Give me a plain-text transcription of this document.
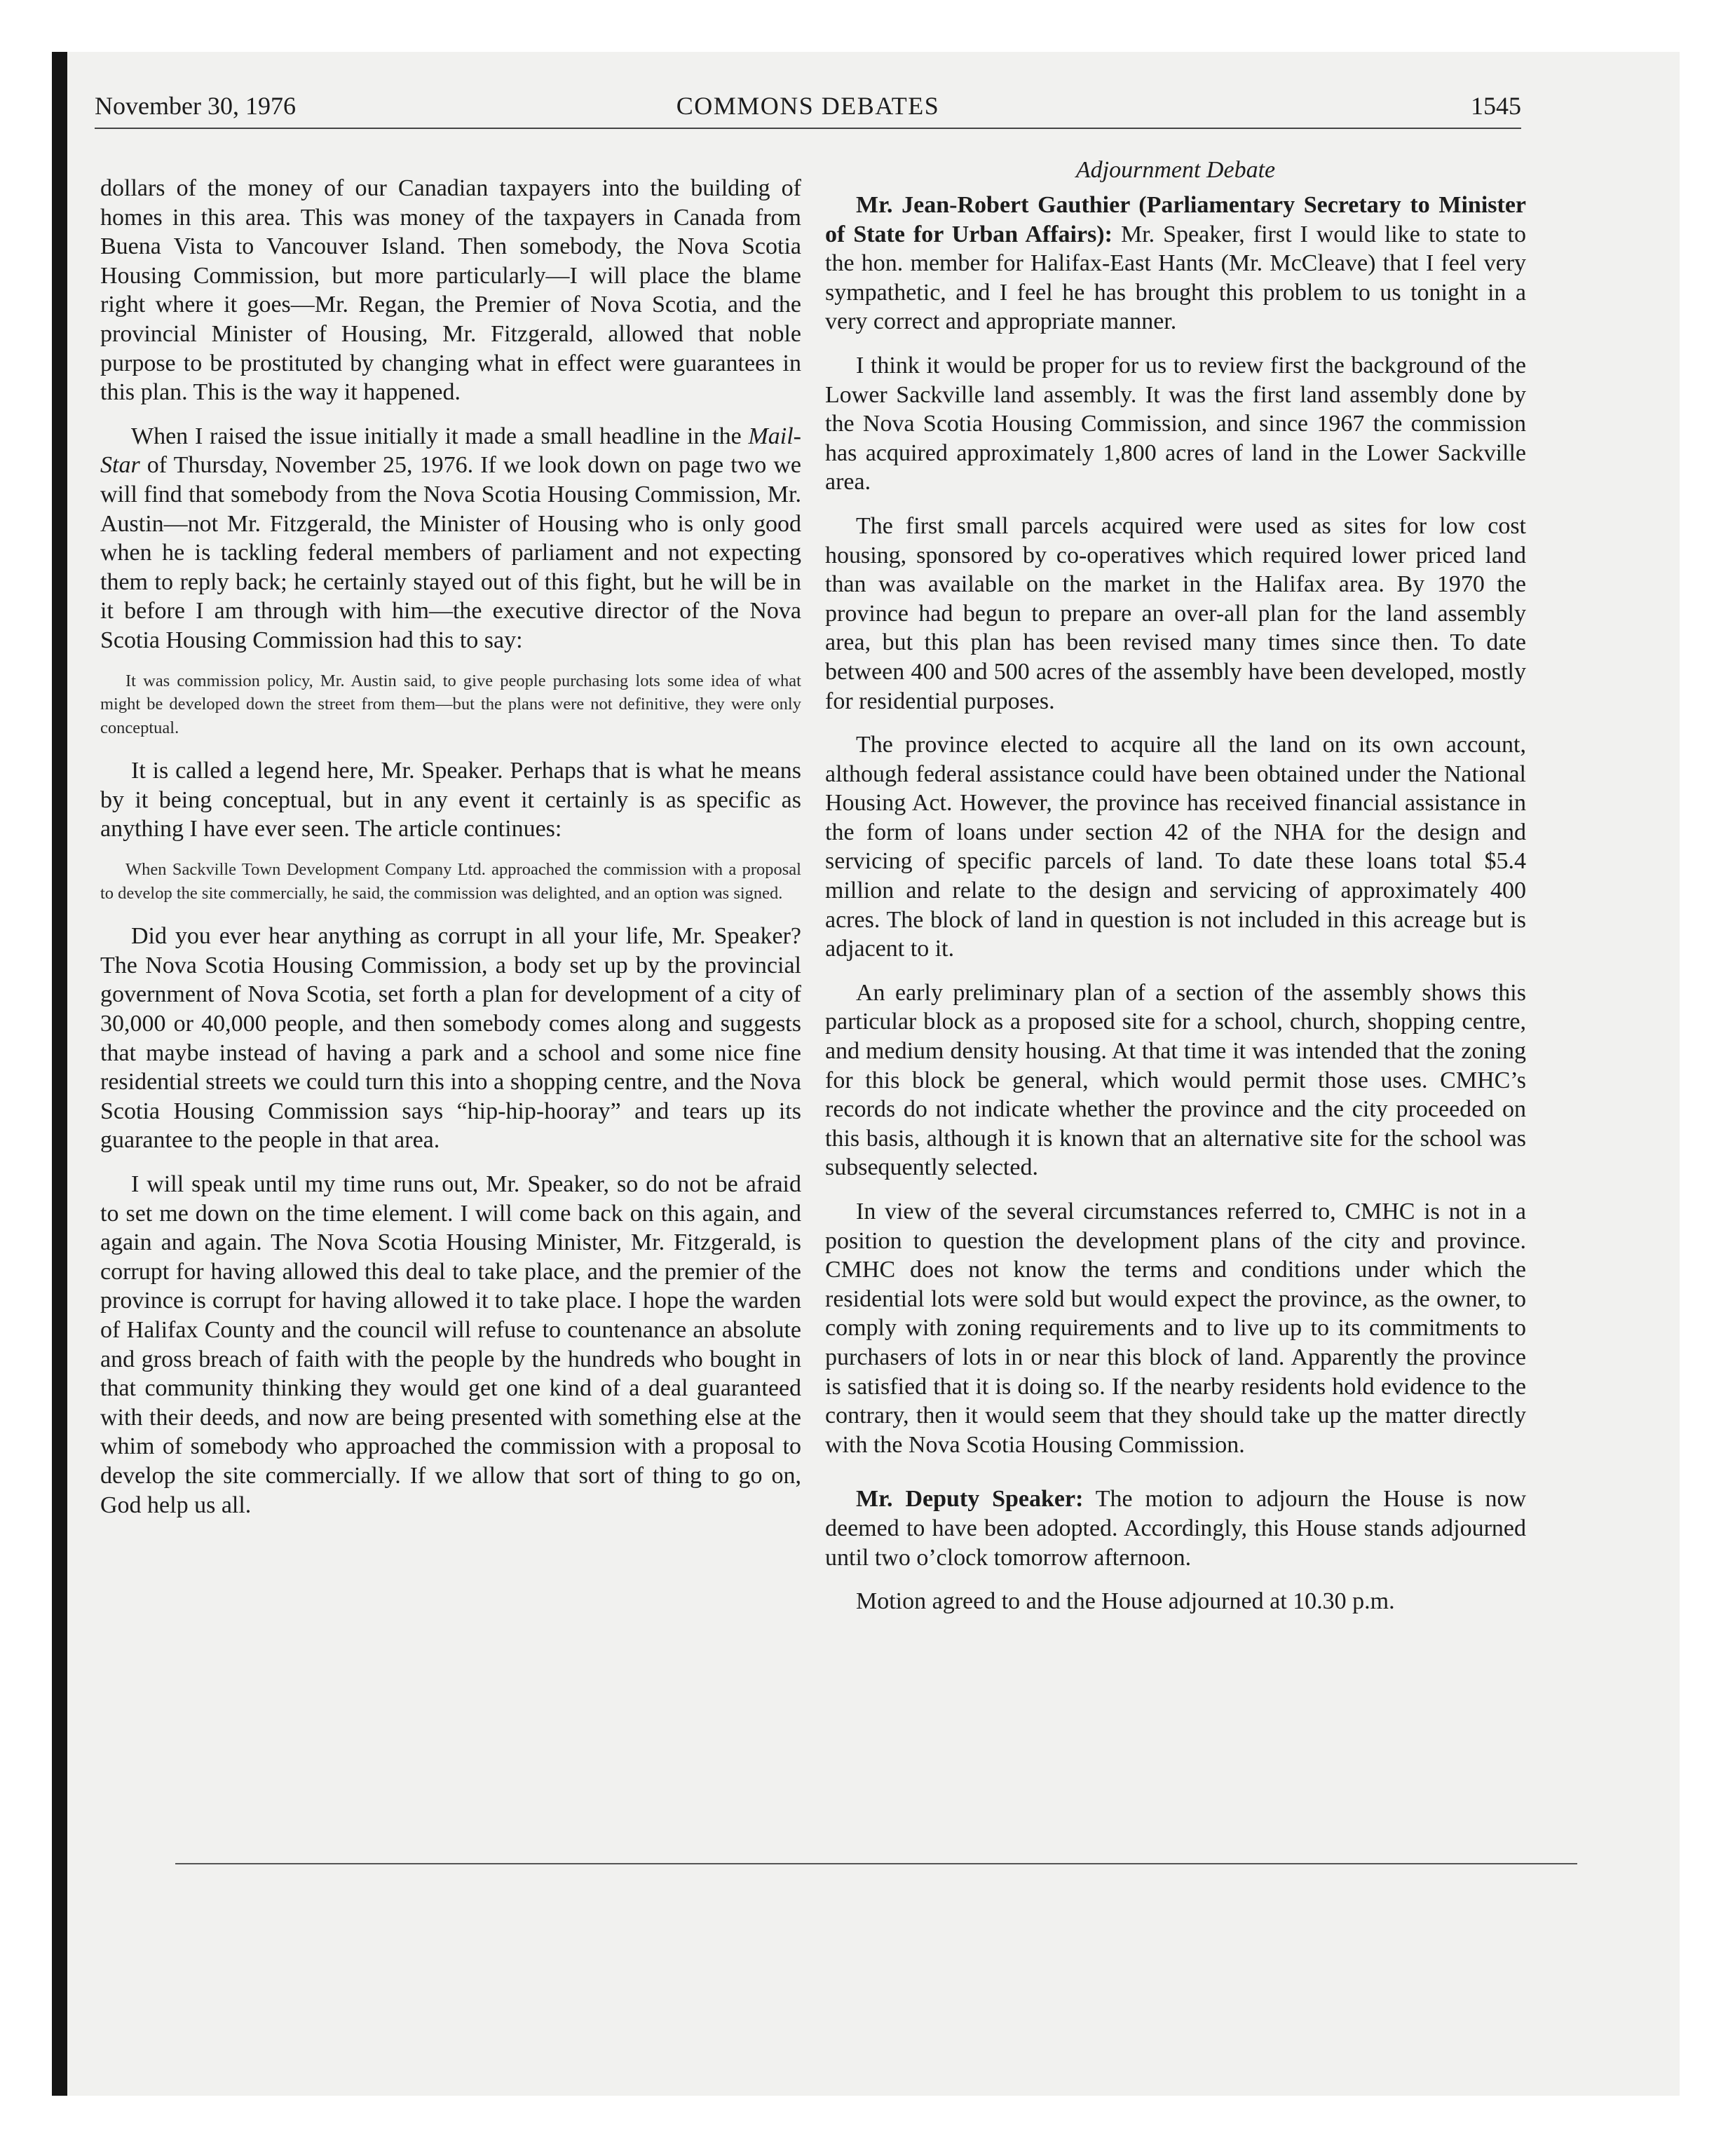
November 30, 1976	COMMONS DEBATES	1545

dollars of the money of our Canadian taxpayers into the building of homes in this area. This was money of the taxpayers in Canada from Buena Vista to Vancouver Island. Then somebody, the Nova Scotia Housing Commission, but more particularly—I will place the blame right where it goes—Mr. Regan, the Premier of Nova Scotia, and the provincial Minister of Housing, Mr. Fitzgerald, allowed that noble purpose to be prostituted by changing what in effect were guarantees in this plan. This is the way it happened.

When I raised the issue initially it made a small headline in the Mail-Star of Thursday, November 25, 1976. If we look down on page two we will find that somebody from the Nova Scotia Housing Commission, Mr. Austin—not Mr. Fitzgerald, the Minister of Housing who is only good when he is tackling federal members of parliament and not expecting them to reply back; he certainly stayed out of this fight, but he will be in it before I am through with him—the executive director of the Nova Scotia Housing Commission had this to say:

It was commission policy, Mr. Austin said, to give people purchasing lots some idea of what might be developed down the street from them—but the plans were not definitive, they were only conceptual.

It is called a legend here, Mr. Speaker. Perhaps that is what he means by it being conceptual, but in any event it certainly is as specific as anything I have ever seen. The article continues:

When Sackville Town Development Company Ltd. approached the commission with a proposal to develop the site commercially, he said, the commission was delighted, and an option was signed.

Did you ever hear anything as corrupt in all your life, Mr. Speaker? The Nova Scotia Housing Commission, a body set up by the provincial government of Nova Scotia, set forth a plan for development of a city of 30,000 or 40,000 people, and then somebody comes along and suggests that maybe instead of having a park and a school and some nice fine residential streets we could turn this into a shopping centre, and the Nova Scotia Housing Commission says “hip-hip-hooray” and tears up its guarantee to the people in that area.

I will speak until my time runs out, Mr. Speaker, so do not be afraid to set me down on the time element. I will come back on this again, and again and again. The Nova Scotia Housing Minister, Mr. Fitzgerald, is corrupt for having allowed this deal to take place, and the premier of the province is corrupt for having allowed it to take place. I hope the warden of Halifax County and the council will refuse to countenance an absolute and gross breach of faith with the people by the hundreds who bought in that community thinking they would get one kind of a deal guaranteed with their deeds, and now are being presented with something else at the whim of somebody who approached the commission with a proposal to develop the site commercially. If we allow that sort of thing to go on, God help us all.

Adjournment Debate

Mr. Jean-Robert Gauthier (Parliamentary Secretary to Minister of State for Urban Affairs): Mr. Speaker, first I would like to state to the hon. member for Halifax-East Hants (Mr. McCleave) that I feel very sympathetic, and I feel he has brought this problem to us tonight in a very correct and appropriate manner.

I think it would be proper for us to review first the background of the Lower Sackville land assembly. It was the first land assembly done by the Nova Scotia Housing Commission, and since 1967 the commission has acquired approximately 1,800 acres of land in the Lower Sackville area.

The first small parcels acquired were used as sites for low cost housing, sponsored by co-operatives which required lower priced land than was available on the market in the Halifax area. By 1970 the province had begun to prepare an over-all plan for the land assembly area, but this plan has been revised many times since then. To date between 400 and 500 acres of the assembly have been developed, mostly for residential purposes.

The province elected to acquire all the land on its own account, although federal assistance could have been obtained under the National Housing Act. However, the province has received financial assistance in the form of loans under section 42 of the NHA for the design and servicing of specific parcels of land. To date these loans total $5.4 million and relate to the design and servicing of approximately 400 acres. The block of land in question is not included in this acreage but is adjacent to it.

An early preliminary plan of a section of the assembly shows this particular block as a proposed site for a school, church, shopping centre, and medium density housing. At that time it was intended that the zoning for this block be general, which would permit those uses. CMHC’s records do not indicate whether the province and the city proceeded on this basis, although it is known that an alternative site for the school was subsequently selected.

In view of the several circumstances referred to, CMHC is not in a position to question the development plans of the city and province. CMHC does not know the terms and conditions under which the residential lots were sold but would expect the province, as the owner, to comply with zoning requirements and to live up to its commitments to purchasers of lots in or near this block of land. Apparently the province is satisfied that it is doing so. If the nearby residents hold evidence to the contrary, then it would seem that they should take up the matter directly with the Nova Scotia Housing Commission.

Mr. Deputy Speaker: The motion to adjourn the House is now deemed to have been adopted. Accordingly, this House stands adjourned until two o’clock tomorrow afternoon.

Motion agreed to and the House adjourned at 10.30 p.m.
